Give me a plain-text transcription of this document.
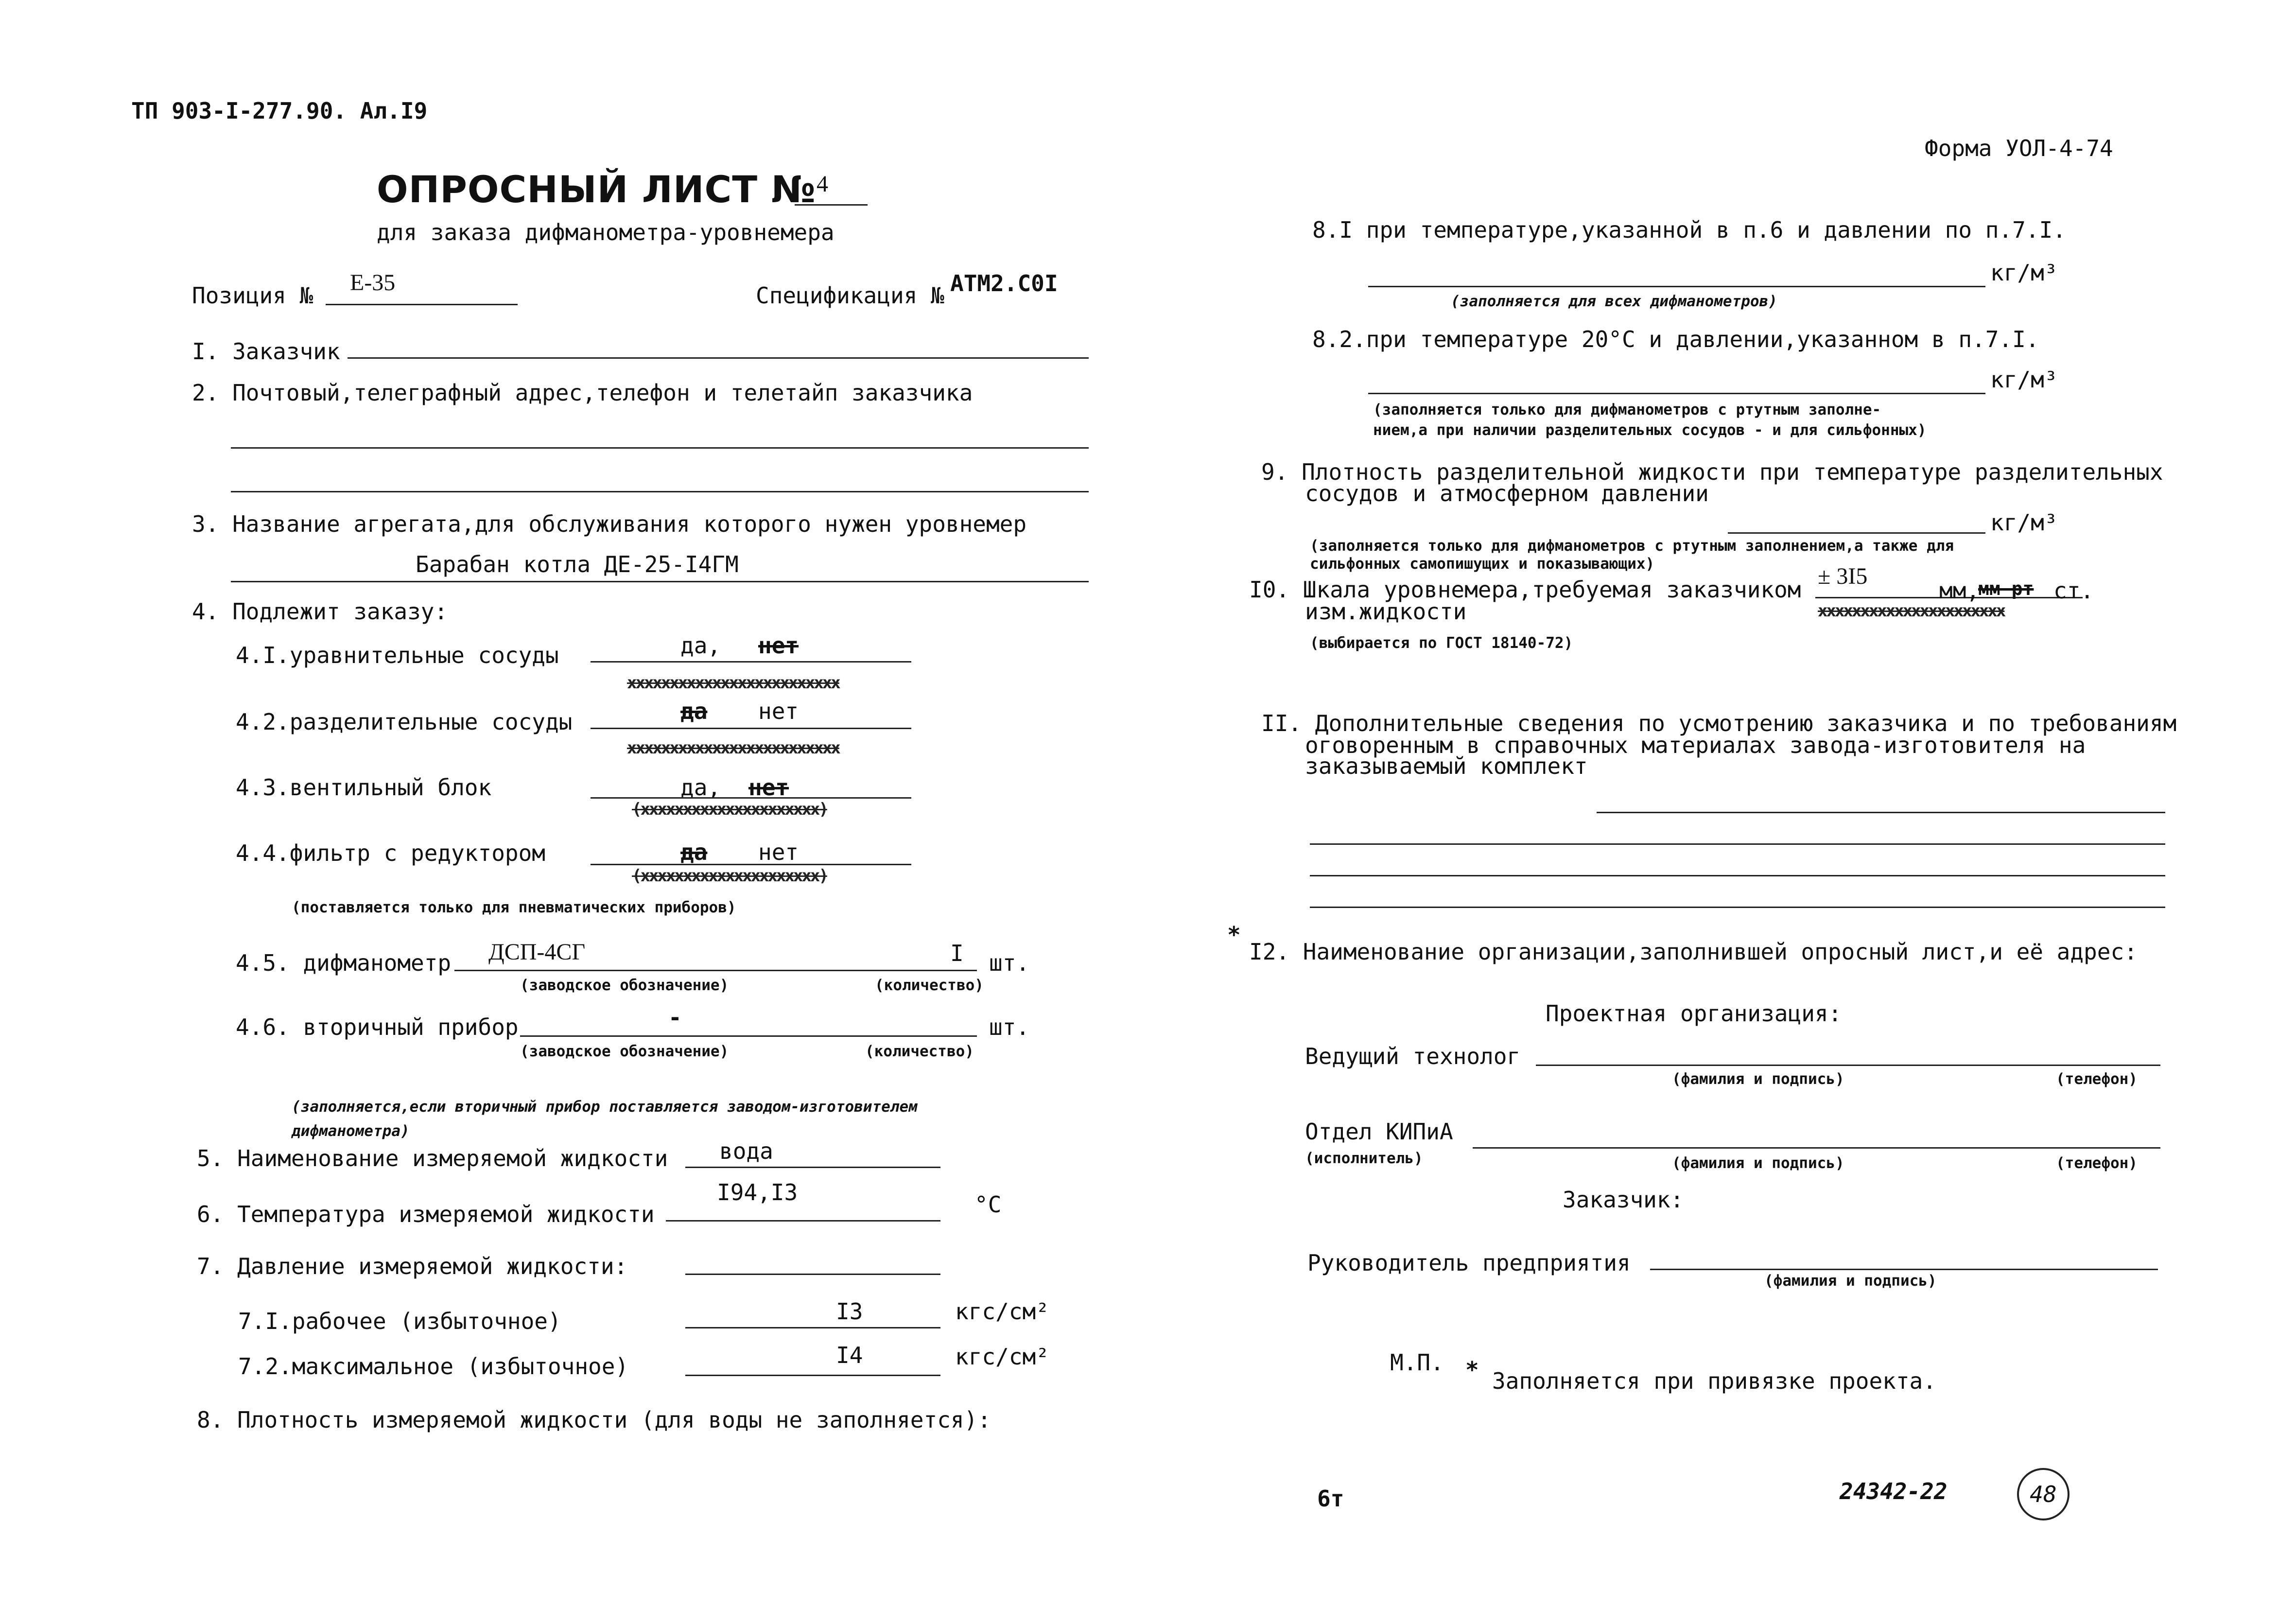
ТП 903-I-277.90. Ал.I9
Форма УОЛ-4-74
ОПРОСНЫЙ ЛИСТ № 4
для заказа дифманометра-уровнемера
Позиция № Е-35	Спецификация № АТМ2.С0I
I. Заказчик
2. Почтовый,телеграфный адрес,телефон и телетайп заказчика
3. Название агрегата,для обслуживания которого нужен уровнемер
Барабан котла ДЕ-25-I4ГМ
4. Подлежит заказу:
4.I.уравнительные сосуды	да, нет
xxxxxxxxxxxxxxxxxxxxxxxxx
4.2.разделительные сосуды	да нет
xxxxxxxxxxxxxxxxxxxxxxxxx
4.3.вентильный блок	да, нет
(xxxxxxxxxxxxxxxxxxxxx)
4.4.фильтр с редуктором	да нет
(xxxxxxxxxxxxxxxxxxxxx)
(поставляется только для пневматических приборов)
4.5. дифманометр ДСП-4СГ	I шт.
(заводское обозначение)	(количество)
4.6. вторичный прибор	-	шт.
(заводское обозначение)	(количество)
(заполняется,если вторичный прибор поставляется заводом-изготовителем
дифманометра)
5. Наименование измеряемой жидкости вода
6. Температура измеряемой жидкости
I94,I3	°С
7. Давление измеряемой жидкости:
7.I.рабочее (избыточное)	I3	кгс/см²
7.2.максимальное (избыточное)	I4	кгс/см²
8. Плотность измеряемой жидкости (для воды не заполняется):
8.I при температуре,указанной в п.6 и давлении по п.7.I.
кг/м³
(заполняется для всех дифманометров)
8.2.при температуре 20°С и давлении,указанном в п.7.I.
кг/м³
(заполняется только для дифманометров с ртутным заполне-
нием,а при наличии разделительных сосудов - и для сильфонных)
9. Плотность разделительной жидкости при температуре разделительных
сосудов и атмосферном давлении
кг/м³
(заполняется только для дифманометров с ртутным заполнением,а также для
сильфонных самопишущих и показывающих)
I0. Шкала уровнемера,требуемая заказчиком
изм.жидкости
± 3I5
мм,
мм рт ст.
xxxxxxxxxxxxxxxxxxxxxx
(выбирается по ГОСТ 18140-72)
II. Дополнительные сведения по усмотрению заказчика и по требованиям
оговоренным в справочных материалах завода-изготовителя на
заказываемый комплект
*
I2. Наименование организации,заполнившей опросный лист,и её адрес:
Проектная организация:
Ведущий технолог
(фамилия и подпись)	(телефон)
Отдел КИПиА
(исполнитель)	(фамилия и подпись)	(телефон)
Заказчик:
Руководитель предприятия
(фамилия и подпись)
М.П. * Заполняется при привязке проекта.
6т	24342-22	48
